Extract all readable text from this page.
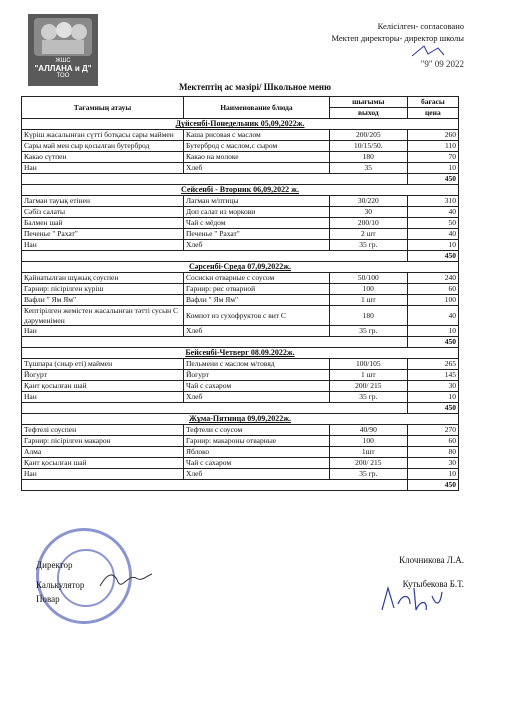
ЖШС
"АЛЛАНА и Д"
ТОО
Келісілген- согласовано
Мектеп директоры- директор школы
"9" 09 2022
Мектептің ас мәзірі/ Школьное меню
Тағамның атауы	Наименование блюда	шығымы	бағасы
		выход	цена
Дүйсенбі-Понедельник 05,09,2022ж.			
Күріш жасалынған сүтті ботқасы сары маймен	Каша рисовая с маслом	200/205	260
Сары май мен сыр қосылған бутерброд	Бутерброд с маслом,с сыром	10/15/50.	110
Какао сүтпен	Какао на молоке	180	70
Нан	Хлеб	35	10
			450
Сейсенбі - Вторник 06,09,2022 ж.			
Лагман тауық етінен	Лагман м/птицы	30/220	310
Сәбіз салаты	Доп салат из моркови	30	40
Балмен шай	Чай с мёдом	200/10	50
Печенье " Рахат"	Печенье " Рахат"	2 шт	40
Нан	Хлеб	35 гр.	10
			450
Сәрсенбі-Среда 07,09,2022ж.			
Қайнатылған шұжық соуспен	Сосиски отварные с соусом	50/100	240
Гарнир: пісірілген күріш	Гарнир: рис отварной	100	60
Вафли " Ям Ям"	Вафли " Ям Ям"	1 шт	100
Кептірілген жемістен жасалынған тәтті сусын С дәруменімен	Компот из сухофруктов с вит С	180	40
Нан	Хлеб	35 гр.	10
			450
Бейсенбі-Четверг 08.09.2022ж.			
Тұшпара (сиыр еті) маймен	Пельмени с маслом м/говяд	100/105	265
Йогурт	Йогурт	1 шт	145
Қант қосылған шай	Чай с сахаром	200/ 215	30
Нан	Хлеб	35 гр.	10
			450
Жұма-Пятница 09,09,2022ж.			
Тефтелі соуспен	Тефтели с соусом	40/90	270
Гарнир: пісірілген макарон	Гарнир: макароны отварные	100	60
Алма	Яблоко	1шт	80
Қант қосылған шай	Чай с сахаром	200/ 215	30
Нан	Хлеб	35 гр.	10
			450
Директор
Калькулятор
Повар
Клочникова Л.А.
Кутыбекова Б.Т.
